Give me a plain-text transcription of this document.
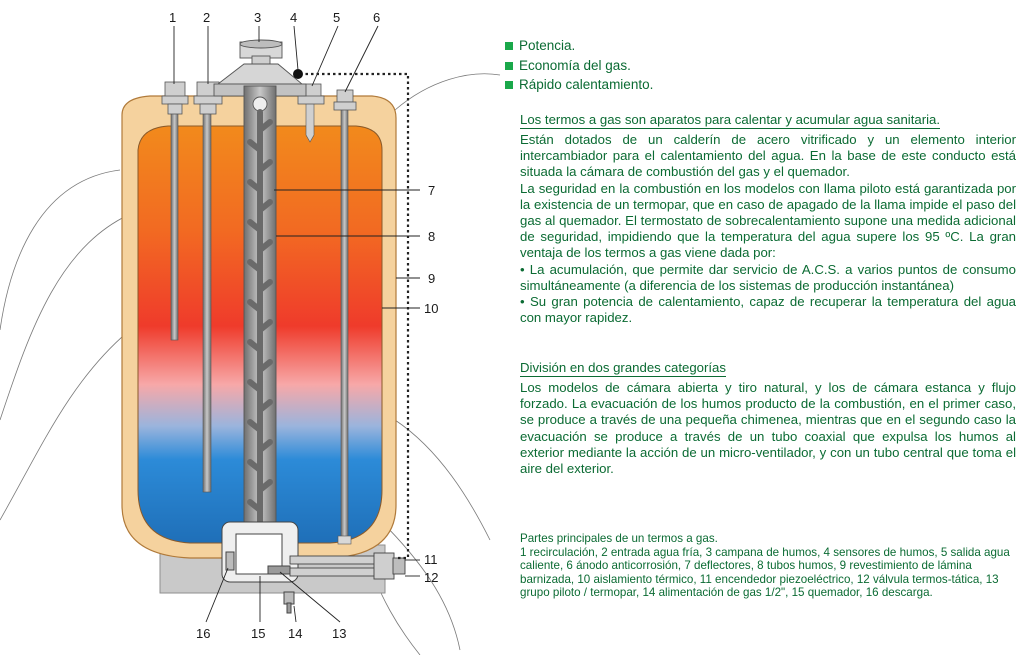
1 2	3 4	5	6
7
8
9
10
11
12
13
14
15
16
Potencia.
Economía del gas.
Rápido calentamiento.

Los termos a gas son aparatos para calentar y acumular agua sanitaria.

Están dotados de un calderín de acero vitrificado y un elemento interior intercambiador para el calentamiento del agua. En la base de este conducto está situada la cámara de combustión del gas y el quemador.

La seguridad en la combustión en los modelos con llama piloto está garantizada por la existencia de un termopar, que en caso de apagado de la llama impide el paso del gas al quemador. El termostato de sobrecalentamiento supone una medida adicional de seguridad, impidiendo que la temperatura del agua supere los 95 ºC. La gran ventaja de los termos a gas viene dada por:

• La acumulación, que permite dar servicio de A.C.S. a varios puntos de consumo simultáneamente (a diferencia de los sistemas de producción instantánea)

• Su gran potencia de calentamiento, capaz de recuperar la temperatura del agua con mayor rapidez.

División en dos grandes categorías

Los modelos de cámara abierta y tiro natural, y los de cámara estanca y flujo forzado. La evacuación de los humos producto de la combustión, en el primer caso, se produce a través de una pequeña chimenea, mientras que en el segundo caso la evacuación se produce a través de un tubo coaxial que expulsa los humos al exterior mediante la acción de un micro-ventilador, y con un tubo central que toma el aire del exterior.

Partes principales de un termos a gas.

1 recirculación, 2 entrada agua fría, 3 campana de humos, 4 sensores de humos, 5 salida agua caliente, 6 ánodo anticorrosión, 7 deflectores, 8 tubos humos, 9 revestimiento de lámina barnizada, 10 aislamiento térmico, 11 encendedor piezoeléctrico, 12 válvula termos-tática, 13 grupo piloto / termopar, 14 alimentación de gas 1/2", 15 quemador, 16 descarga.
